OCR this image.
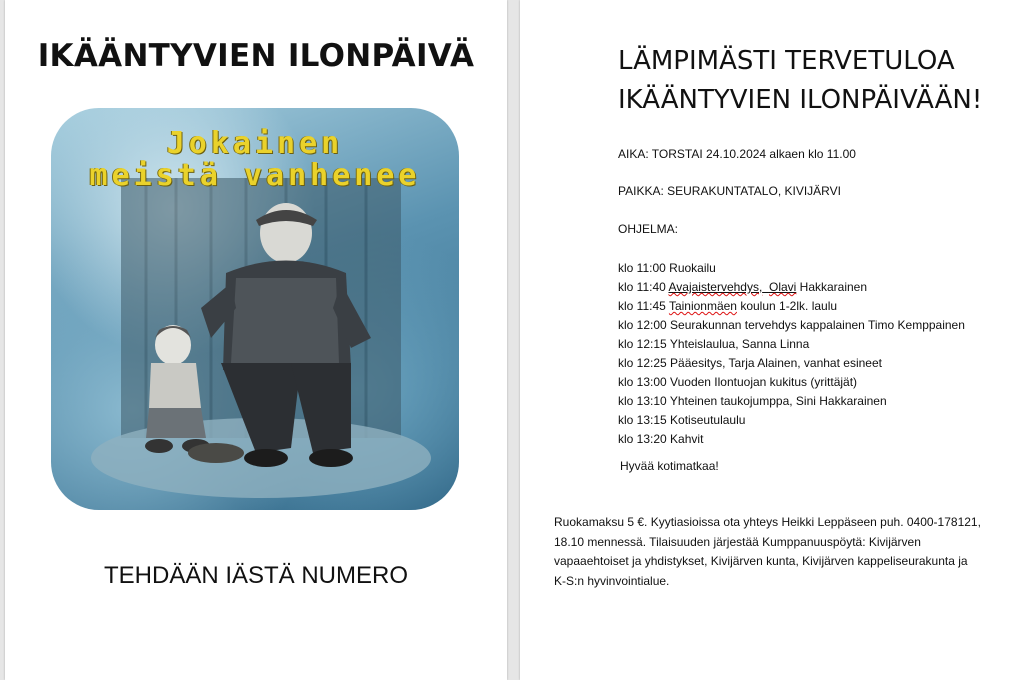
IKÄÄNTYVIEN ILONPÄIVÄ
Jokainen
meistä vanhenee
TEHDÄÄN IÄSTÄ NUMERO
LÄMPIMÄSTI TERVETULOA
IKÄÄNTYVIEN ILONPÄIVÄÄN!
AIKA: TORSTAI 24.10.2024 alkaen klo 11.00
PAIKKA: SEURAKUNTATALO, KIVIJÄRVI
OHJELMA:
klo 11:00 Ruokailu
klo 11:40 Avajaistervehdys, Olavi Hakkarainen
klo 11:45 Tainionmäen koulun 1-2lk. laulu
klo 12:00 Seurakunnan tervehdys kappalainen Timo Kemppainen
klo 12:15 Yhteislaulua, Sanna Linna
klo 12:25 Pääesitys, Tarja Alainen, vanhat esineet
klo 13:00 Vuoden Ilontuojan kukitus (yrittäjät)
klo 13:10 Yhteinen taukojumppa, Sini Hakkarainen
klo 13:15 Kotiseutulaulu
klo 13:20 Kahvit
Hyvää kotimatkaa!
Ruokamaksu 5 €. Kyytiasioissa ota yhteys Heikki Leppäseen puh. 0400-178121,
18.10 mennessä. Tilaisuuden järjestää Kumppanuuspöytä: Kivijärven
vapaaehtoiset ja yhdistykset, Kivijärven kunta, Kivijärven kappeliseurakunta ja
K-S:n hyvinvointialue.
